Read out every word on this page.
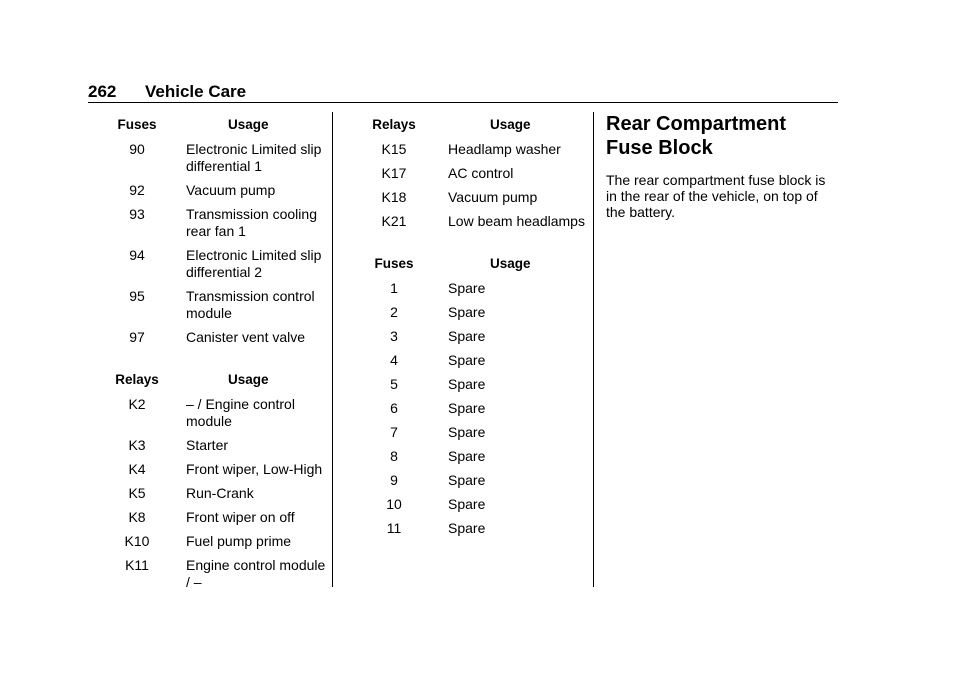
262 Vehicle Care
Fuses	Usage
90	Electronic Limited slip differential 1
92	Vacuum pump
93	Transmission cooling rear fan 1
94	Electronic Limited slip differential 2
95	Transmission control module
97	Canister vent valve
Relays	Usage
K2	– / Engine control module
K3	Starter
K4	Front wiper, Low-High
K5	Run-Crank
K8	Front wiper on off
K10	Fuel pump prime
K11	Engine control module / –
Relays	Usage
K15	Headlamp washer
K17	AC control
K18	Vacuum pump
K21	Low beam headlamps
Fuses	Usage
1	Spare
2	Spare
3	Spare
4	Spare
5	Spare
6	Spare
7	Spare
8	Spare
9	Spare
10	Spare
11	Spare
Rear Compartment Fuse Block

The rear compartment fuse block is in the rear of the vehicle, on top of the battery.
